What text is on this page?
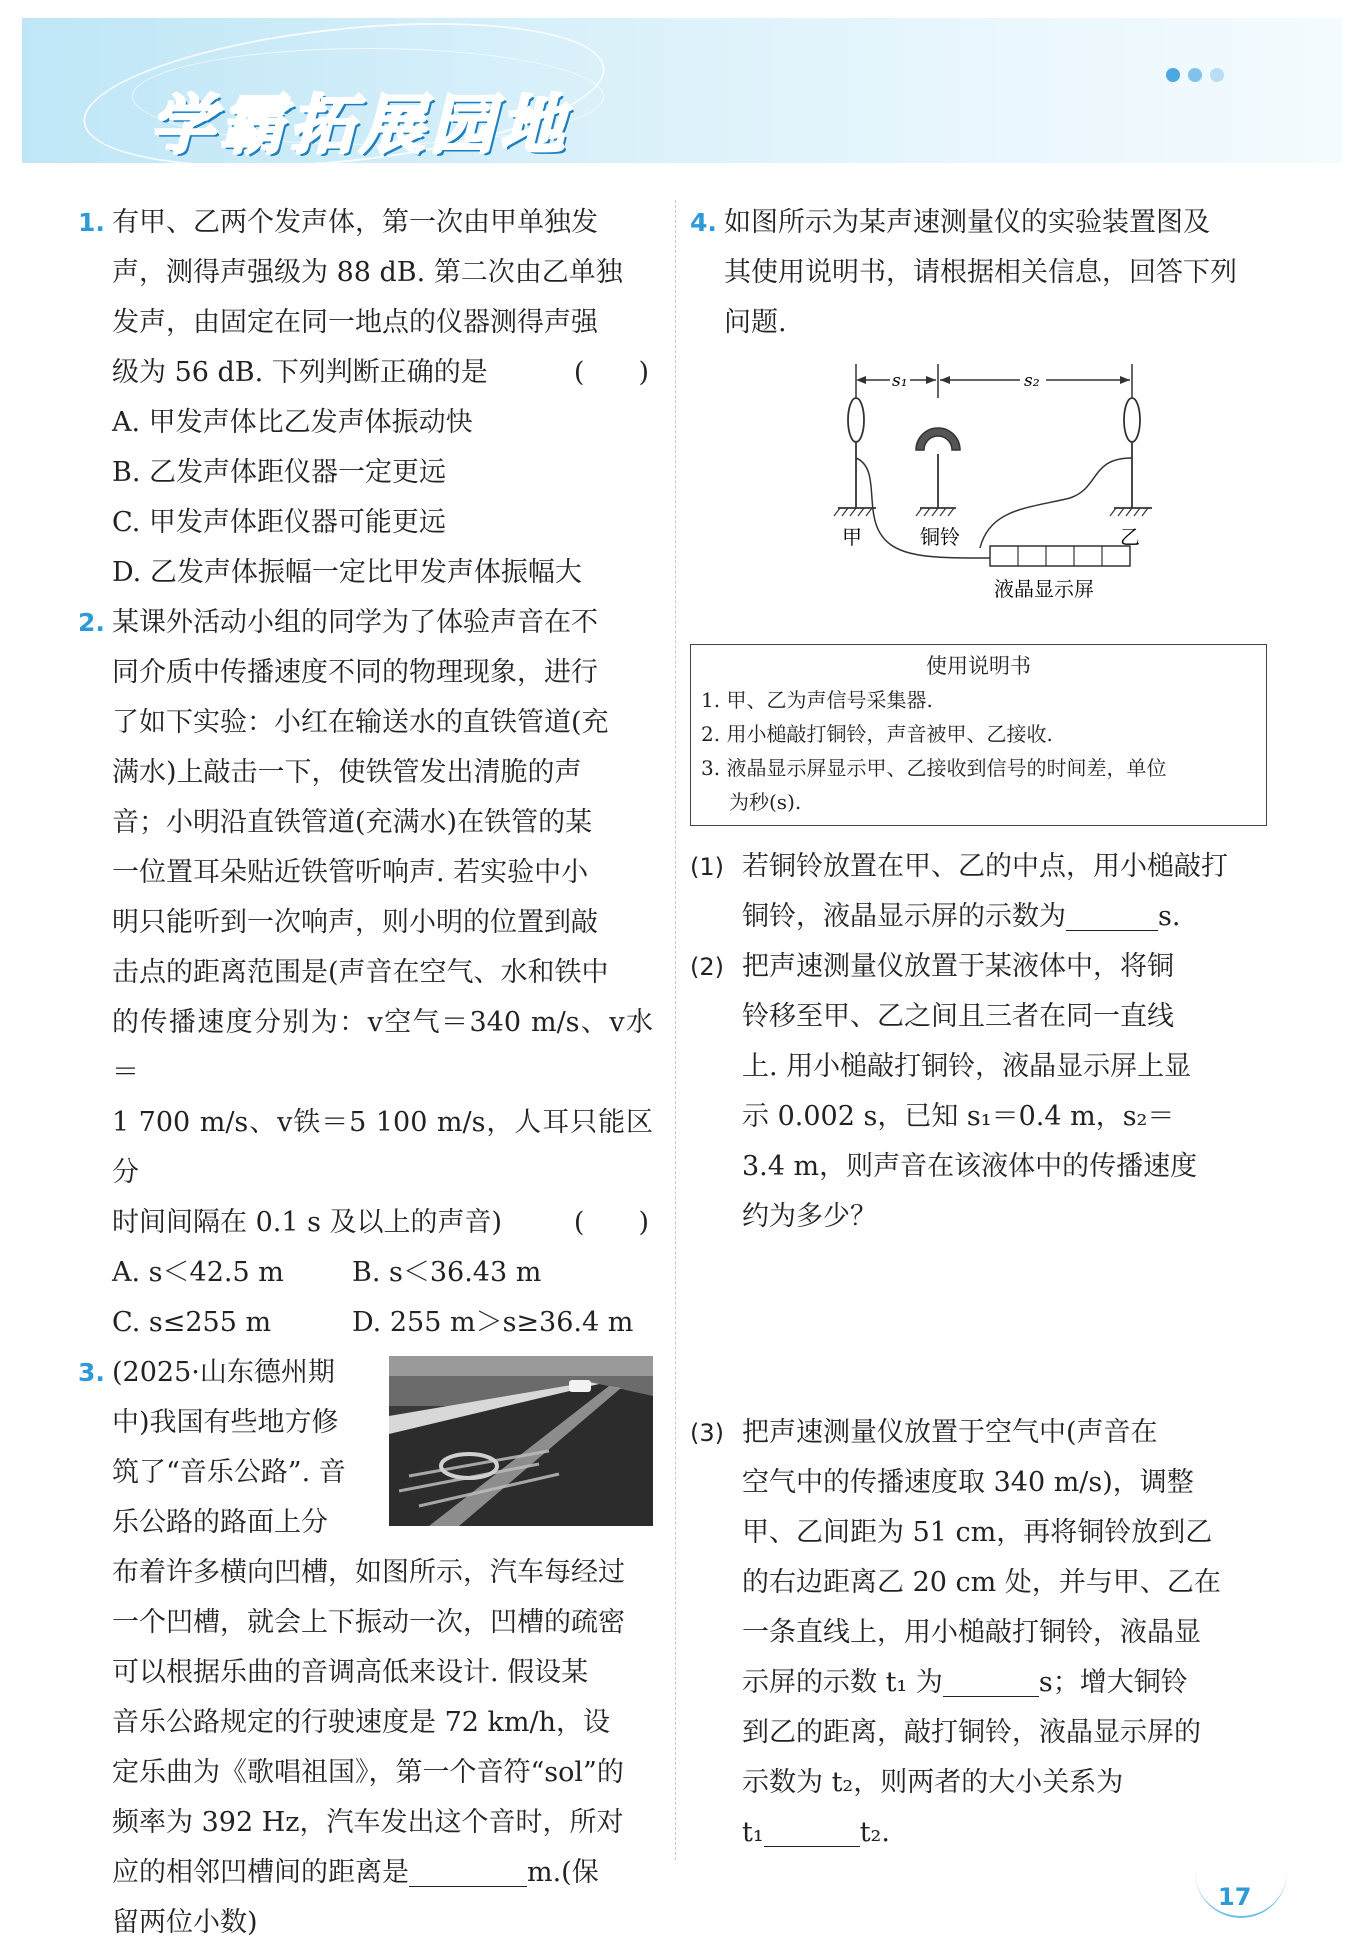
学霸拓展园地
1. 有甲、乙两个发声体，第一次由甲单独发
声，测得声强级为 88 dB. 第二次由乙单独
发声，由固定在同一地点的仪器测得声强
级为 56 dB. 下列判断正确的是	(　　)
A. 甲发声体比乙发声体振动快
B. 乙发声体距仪器一定更远
C. 甲发声体距仪器可能更远
D. 乙发声体振幅一定比甲发声体振幅大
2. 某课外活动小组的同学为了体验声音在不
同介质中传播速度不同的物理现象，进行
了如下实验：小红在输送水的直铁管道(充
满水)上敲击一下，使铁管发出清脆的声
音；小明沿直铁管道(充满水)在铁管的某
一位置耳朵贴近铁管听响声. 若实验中小
明只能听到一次响声，则小明的位置到敲
击点的距离范围是(声音在空气、水和铁中
的传播速度分别为：v空气＝340 m/s、v水＝
1 700 m/s、v铁＝5 100 m/s，人耳只能区分
时间间隔在 0.1 s 及以上的声音)	(　　)
A. s＜42.5 m	B. s＜36.43 m
C. s≤255 m	D. 255 m＞s≥36.4 m
3. (2025·山东德州期
中)我国有些地方修
筑了“音乐公路”. 音
乐公路的路面上分
布着许多横向凹槽，如图所示，汽车每经过
一个凹槽，就会上下振动一次，凹槽的疏密
可以根据乐曲的音调高低来设计. 假设某
音乐公路规定的行驶速度是 72 km/h，设
定乐曲为《歌唱祖国》，第一个音符“sol”的
频率为 392 Hz，汽车发出这个音时，所对
应的相邻凹槽间的距离是	m.(保
留两位小数)
4. 如图所示为某声速测量仪的实验装置图及
其使用说明书，请根据相关信息，回答下列
问题.
s₁	s₂
甲	铜铃	乙
液晶显示屏
使用说明书
1. 甲、乙为声信号采集器.
2. 用小槌敲打铜铃，声音被甲、乙接收.
3. 液晶显示屏显示甲、乙接收到信号的时间差，单位
为秒(s).
(1) 若铜铃放置在甲、乙的中点，用小槌敲打
铜铃，液晶显示屏的示数为	s.
(2) 把声速测量仪放置于某液体中，将铜
铃移至甲、乙之间且三者在同一直线
上. 用小槌敲打铜铃，液晶显示屏上显
示 0.002 s，已知 s₁＝0.4 m，s₂＝
3.4 m，则声音在该液体中的传播速度
约为多少？
(3) 把声速测量仪放置于空气中(声音在
空气中的传播速度取 340 m/s)，调整
甲、乙间距为 51 cm，再将铜铃放到乙
的右边距离乙 20 cm 处，并与甲、乙在
一条直线上，用小槌敲打铜铃，液晶显
示屏的示数 t₁ 为	s；增大铜铃
到乙的距离，敲打铜铃，液晶显示屏的
示数为 t₂，则两者的大小关系为
t₁	t₂.
17
